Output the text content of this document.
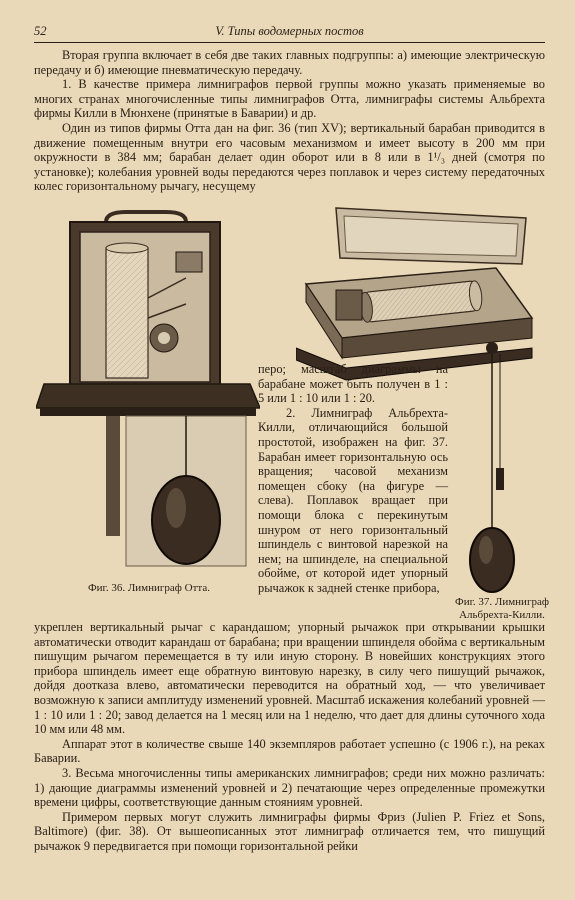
52	V. Типы водомерных постов

Вторая группа включает в себя две таких главных подгруппы: а) имеющие электрическую передачу и б) имеющие пневматическую передачу.

1. В качестве примера лимниграфов первой группы можно указать применяемые во многих странах многочисленные типы лимниграфов Отта, лимниграфы системы Альбрехта фирмы Килли в Мюнхене (принятые в Баварии) и др.

Один из типов фирмы Отта дан на фиг. 36 (тип XV); вертикальный барабан приводится в движение помещенным внутри его часовым механизмом и имеет высоту в 200 мм при окружности в 384 мм; барабан делает один оборот или в 8 или в 1¹/₃ дней (смотря по установке); колебания уровней воды передаются через поплавок и через систему передаточных колес горизонтальному рычагу, несущему

Фиг. 36. Лимниграф Отта.
Фиг. 37. Лимниграф Альбрехта-Килли.

перо; масштаб диаграммы на барабане может быть получен в 1 : 5 или 1 : 10 или 1 : 20.

2. Лимниграф Альбрехта-Килли, отличающийся большой простотой, изображен на фиг. 37. Барабан имеет горизонтальную ось вращения; часовой механизм помещен сбоку (на фигуре — слева). Поплавок вращает при помощи блока с перекинутым шнуром от него горизонтальный шпиндель с винтовой нарезкой на нем; на шпинделе, на специальной обойме, от которой идет упорный рычажок к задней стенке прибора,

укреплен вертикальный рычаг с карандашом; упорный рычажок при открывании крышки автоматически отводит карандаш от барабана; при вращении шпинделя обойма с вертикальным пишущим рычагом перемещается в ту или иную сторону. В новейших конструкциях этого прибора шпиндель имеет еще обратную винтовую нарезку, в силу чего пишущий рычажок, дойдя доотказа влево, автоматически переводится на обратный ход, — что увеличивает возможную к записи амплитуду изменений уровней. Масштаб искажения колебаний уровней — 1 : 10 или 1 : 20; завод делается на 1 месяц или на 1 неделю, что дает для длины суточного хода 10 мм или 48 мм.

Аппарат этот в количестве свыше 140 экземпляров работает успешно (с 1906 г.), на реках Баварии.

3. Весьма многочисленны типы американских лимниграфов; среди них можно различать: 1) дающие диаграммы изменений уровней и 2) печатающие через определенные промежутки времени цифры, соответствующие данным стояниям уровней.

Примером первых могут служить лимниграфы фирмы Фриз (Julien P. Friez et Sons, Baltimore) (фиг. 38). От вышеописанных этот лимниграф отличается тем, что пишущий рычажок 9 передвигается при помощи горизонтальной рейки
